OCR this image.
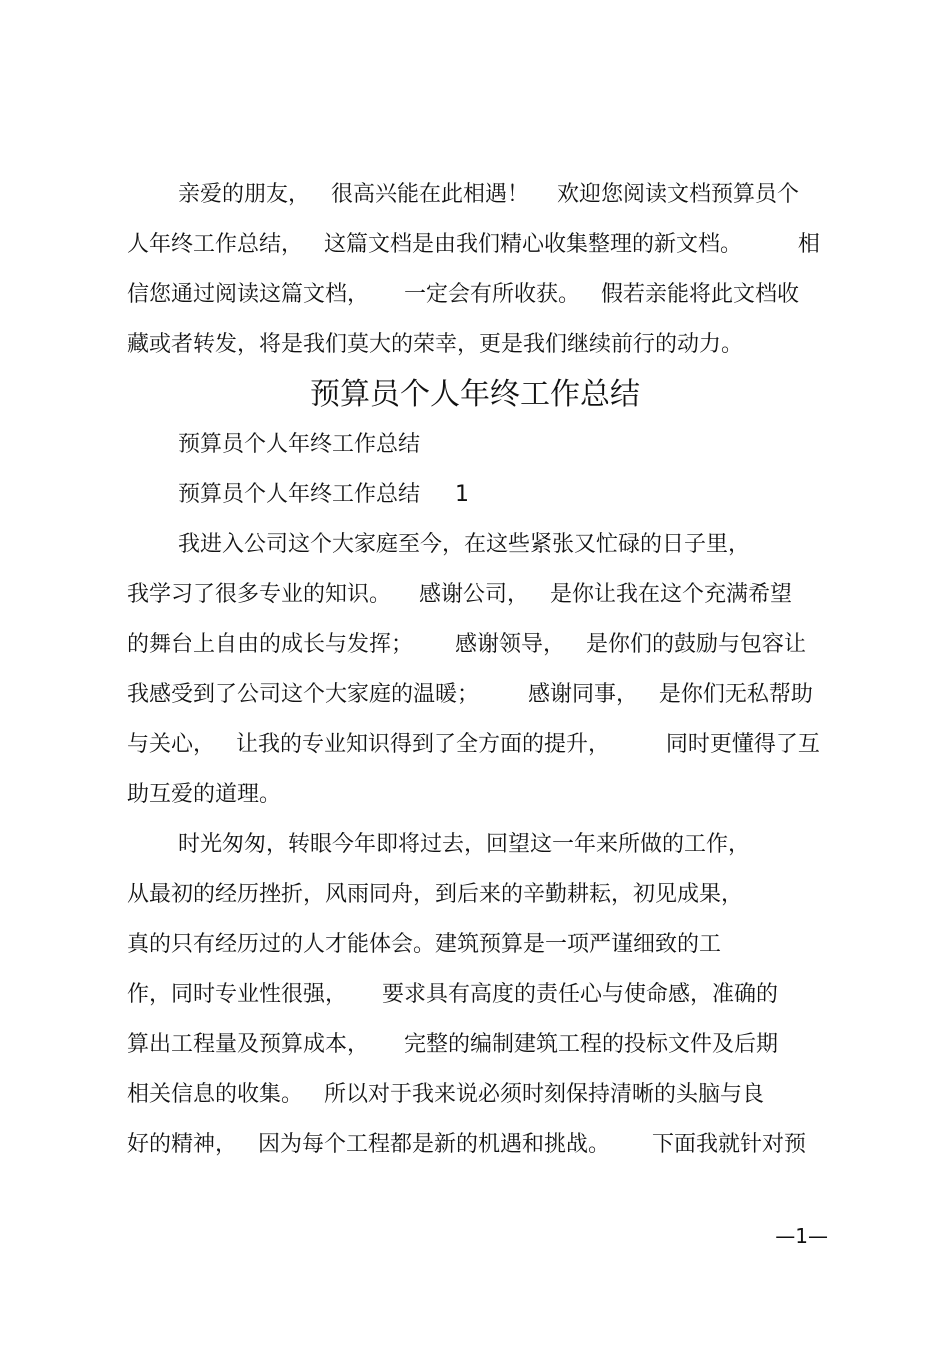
亲爱的朋友，   很高兴能在此相遇！    欢迎您阅读文档预算员个
人年终工作总结，   这篇文档是由我们精心收集整理的新文档。        相
信您通过阅读这篇文档，     一定会有所收获。   假若亲能将此文档收
藏或者转发，将是我们莫大的荣幸，更是我们继续前行的动力。
预算员个人年终工作总结
预算员个人年终工作总结
预算员个人年终工作总结     1
我进入公司这个大家庭至今，在这些紧张又忙碌的日子里，
我学习了很多专业的知识。    感谢公司，   是你让我在这个充满希望
的舞台上自由的成长与发挥；      感谢领导，   是你们的鼓励与包容让
我感受到了公司这个大家庭的温暖；       感谢同事，   是你们无私帮助
与关心，   让我的专业知识得到了全方面的提升，        同时更懂得了互
助互爱的道理。
时光匆匆，转眼今年即将过去，回望这一年来所做的工作，
从最初的经历挫折，风雨同舟，到后来的辛勤耕耘，初见成果，
真的只有经历过的人才能体会。建筑预算是一项严谨细致的工
作，同时专业性很强，     要求具有高度的责任心与使命感，准确的
算出工程量及预算成本，     完整的编制建筑工程的投标文件及后期
相关信息的收集。   所以对于我来说必须时刻保持清晰的头脑与良
好的精神，   因为每个工程都是新的机遇和挑战。      下面我就针对预
—1—
